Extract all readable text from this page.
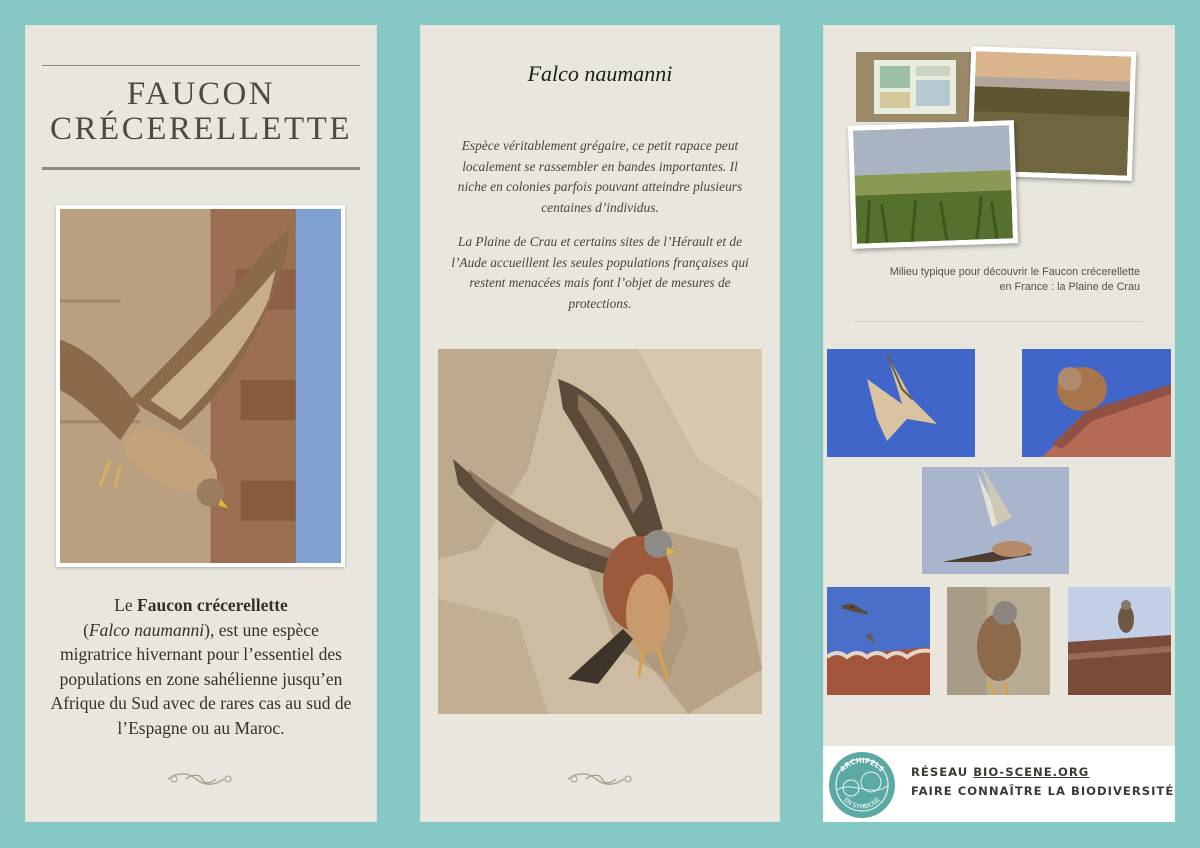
FAUCON
CRÉCERELLETTE
Le Faucon crécerellette
(Falco naumanni), est une espèce migratrice hivernant pour l’essentiel des populations en zone sahélienne jusqu’en Afrique du Sud avec de rares cas au sud de l’Espagne ou au Maroc.
Falco naumanni
Espèce véritablement grégaire, ce petit rapace peut localement se rassembler en bandes importantes. Il niche en colonies parfois pouvant atteindre plusieurs centaines d’individus.
La Plaine de Crau et certains sites de l’Hérault et de l’Aude accueillent les seules populations françaises qui restent menacées mais font l’objet de mesures de protections.
Milieu typique pour découvrir le Faucon crécerellette
en France : la Plaine de Crau
ARCHIPELS
EN SYMBIOSE
RÉSEAU BIO-SCENE.ORG
FAIRE CONNAÎTRE LA BIODIVERSITÉ
